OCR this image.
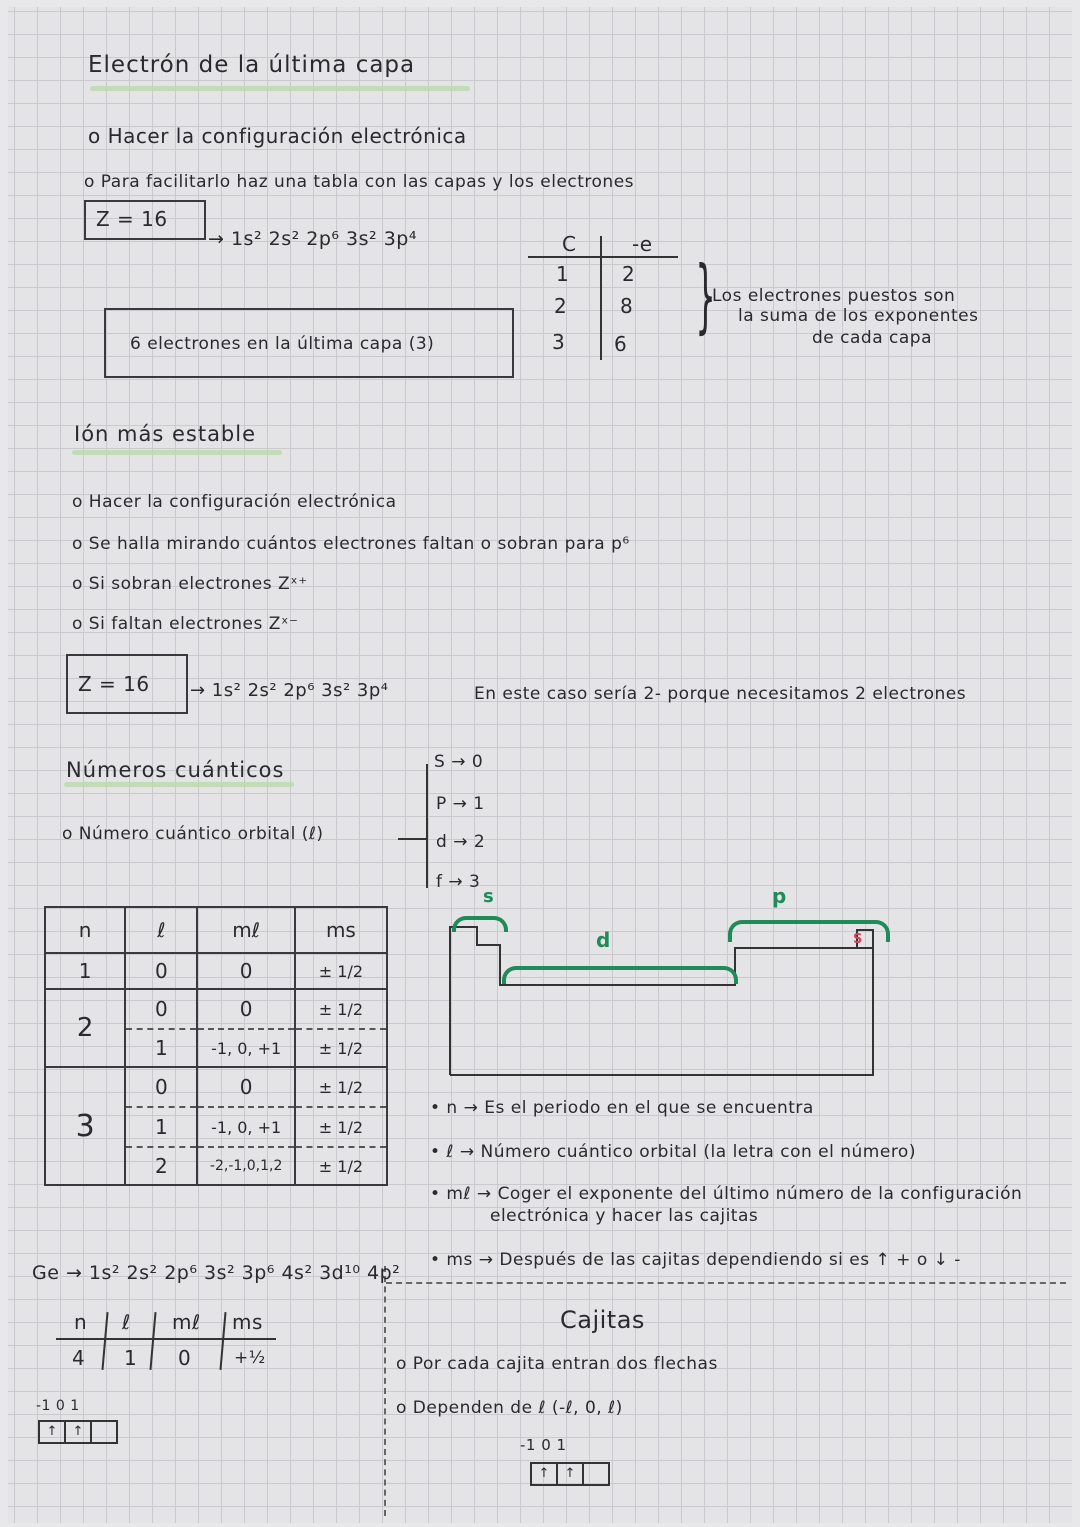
Electrón de la última capa
o Hacer la configuración electrónica
o Para facilitarlo haz una tabla con las capas y los electrones
Z = 16
→ 1s² 2s² 2p⁶ 3s² 3p⁴
6 electrones en la última capa (3)
C	-e
1	2
2	8
3 6
}
Los electrones puestos son
la suma de los exponentes
de cada capa
Ión más estable
o Hacer la configuración electrónica
o Se halla mirando cuántos electrones faltan o sobran para p⁶
o Si sobran electrones Zˣ⁺
o Si faltan electrones Zˣ⁻
Z = 16 → 1s² 2s² 2p⁶ 3s² 3p⁴	En este caso sería 2- porque necesitamos 2 electrones
Números cuánticos
o Número cuántico orbital (ℓ)
S → 0
P → 1
d → 2
f → 3
n	ℓ	mℓ	ms
1	0	0	± 1/2
2	0	0	± 1/2
	1	-1, 0, +1	± 1/2
3	0	0	± 1/2
	1	-1, 0, +1	± 1/2
	2	-2,-1,0,1,2	± 1/2
s
d
p
S
• n → Es el periodo en el que se encuentra
• ℓ → Número cuántico orbital (la letra con el número)
• mℓ → Coger el exponente del último número de la configuración
electrónica y hacer las cajitas
• ms → Después de las cajitas dependiendo si es ↑ + o ↓ -
Ge → 1s² 2s² 2p⁶ 3s² 3p⁶ 4s² 3d¹⁰ 4p²
n ℓ mℓ ms
4 1 0	+½
-1 0 1
↑	↑
Cajitas
o Por cada cajita entran dos flechas
o Dependen de ℓ (-ℓ, 0, ℓ)
-1 0 1
↑	↑
